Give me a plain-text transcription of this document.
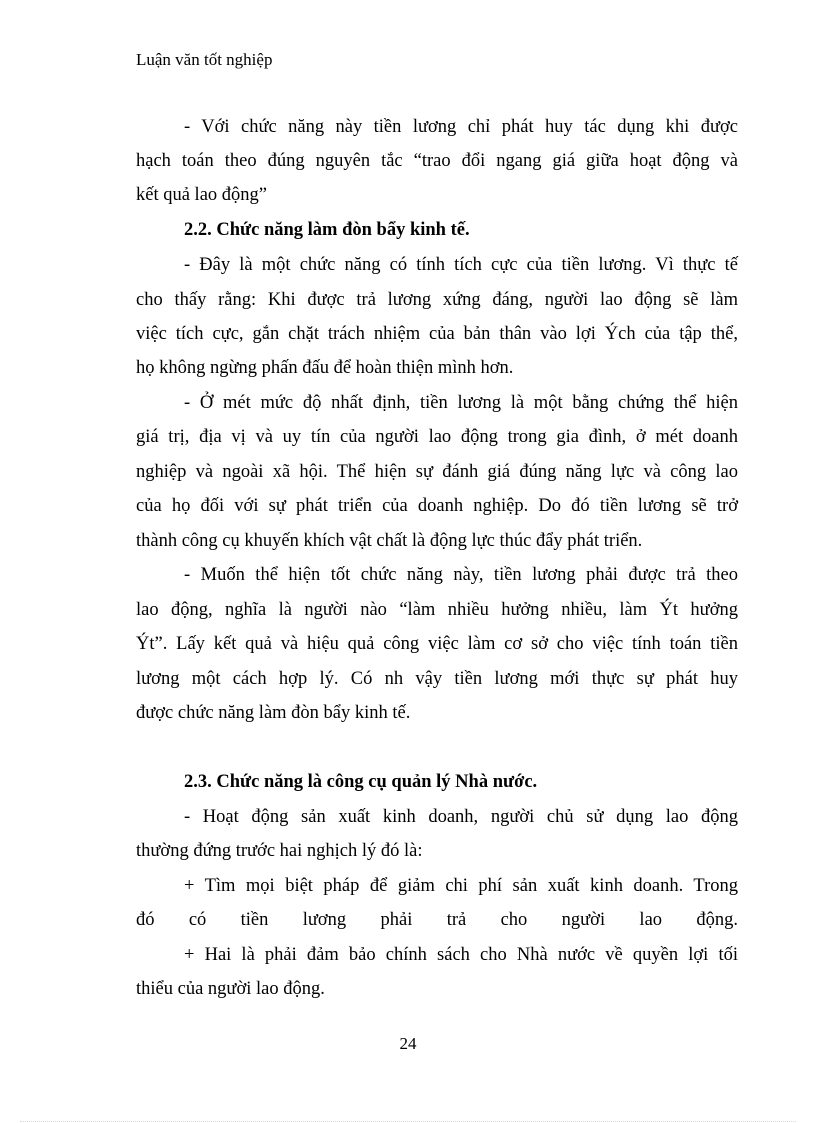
Luận văn tốt nghiệp
- Với chức năng này tiền lương chỉ phát huy tác dụng khi được
hạch toán theo đúng nguyên tắc “trao đổi ngang giá giữa hoạt động và
kết quả lao động”
2.2. Chức năng làm đòn bẩy kinh tế.
- Đây là một chức năng có tính tích cực của tiền lương. Vì thực tế
cho thấy rằng: Khi được trả lương xứng đáng, người lao động sẽ làm
việc tích cực, gắn chặt trách nhiệm của bản thân vào lợi Ých của tập thể,
họ không ngừng phấn đấu để hoàn thiện mình hơn.
- Ở mét mức độ nhất định, tiền lương là một bằng chứng thể hiện
giá trị, địa vị và uy tín của người lao động trong gia đình, ở mét doanh
nghiệp và ngoài xã hội. Thể hiện sự đánh giá đúng năng lực và công lao
của họ đối với sự phát triển của doanh nghiệp. Do đó tiền lương sẽ trở
thành công cụ khuyến khích vật chất là động lực thúc đẩy phát triển.
- Muốn thể hiện tốt chức năng này, tiền lương phải được trả theo
lao động, nghĩa là người nào “làm nhiều hưởng nhiều, làm Ýt hưởng
Ýt”. Lấy kết quả và hiệu quả công việc làm cơ sở cho việc tính toán tiền
lương một cách hợp lý. Có nh vậy tiền lương mới thực sự phát huy
được chức năng làm đòn bẩy kinh tế.
2.3. Chức năng là công cụ quản lý Nhà nước.
- Hoạt động sản xuất kinh doanh, người chủ sử dụng lao động
thường đứng trước hai nghịch lý đó là:
+ Tìm mọi biệt pháp để giảm chi phí sản xuất kinh doanh. Trong
đó có tiền lương phải trả cho người lao động.
+ Hai là phải đảm bảo chính sách cho Nhà nước về quyền lợi tối
thiểu của người lao động.
24
